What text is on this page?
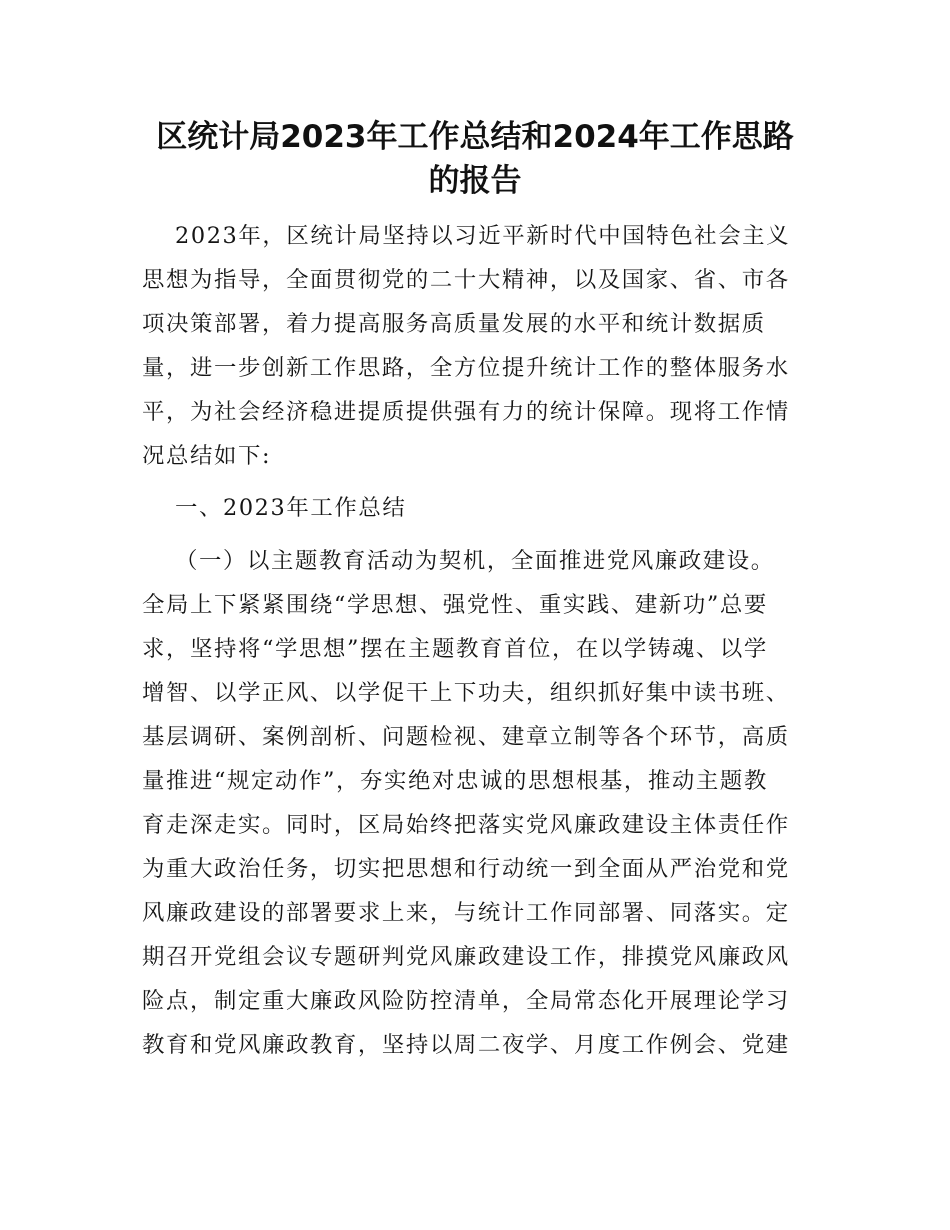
区统计局2023年工作总结和2024年工作思路
的报告

2023年，区统计局坚持以习近平新时代中国特色社会主义

思想为指导，全面贯彻党的二十大精神，以及国家、省、市各

项决策部署，着力提高服务高质量发展的水平和统计数据质

量，进一步创新工作思路，全方位提升统计工作的整体服务水

平，为社会经济稳进提质提供强有力的统计保障。现将工作情

况总结如下:

一、2023年工作总结

（一）以主题教育活动为契机，全面推进党风廉政建设。

全局上下紧紧围绕“学思想、强党性、重实践、建新功”总要

求，坚持将“学思想”摆在主题教育首位，在以学铸魂、以学

增智、以学正风、以学促干上下功夫，组织抓好集中读书班、

基层调研、案例剖析、问题检视、建章立制等各个环节，高质

量推进“规定动作”，夯实绝对忠诚的思想根基，推动主题教

育走深走实。同时，区局始终把落实党风廉政建设主体责任作

为重大政治任务，切实把思想和行动统一到全面从严治党和党

风廉政建设的部署要求上来，与统计工作同部署、同落实。定

期召开党组会议专题研判党风廉政建设工作，排摸党风廉政风

险点，制定重大廉政风险防控清单，全局常态化开展理论学习

教育和党风廉政教育，坚持以周二夜学、月度工作例会、党建
